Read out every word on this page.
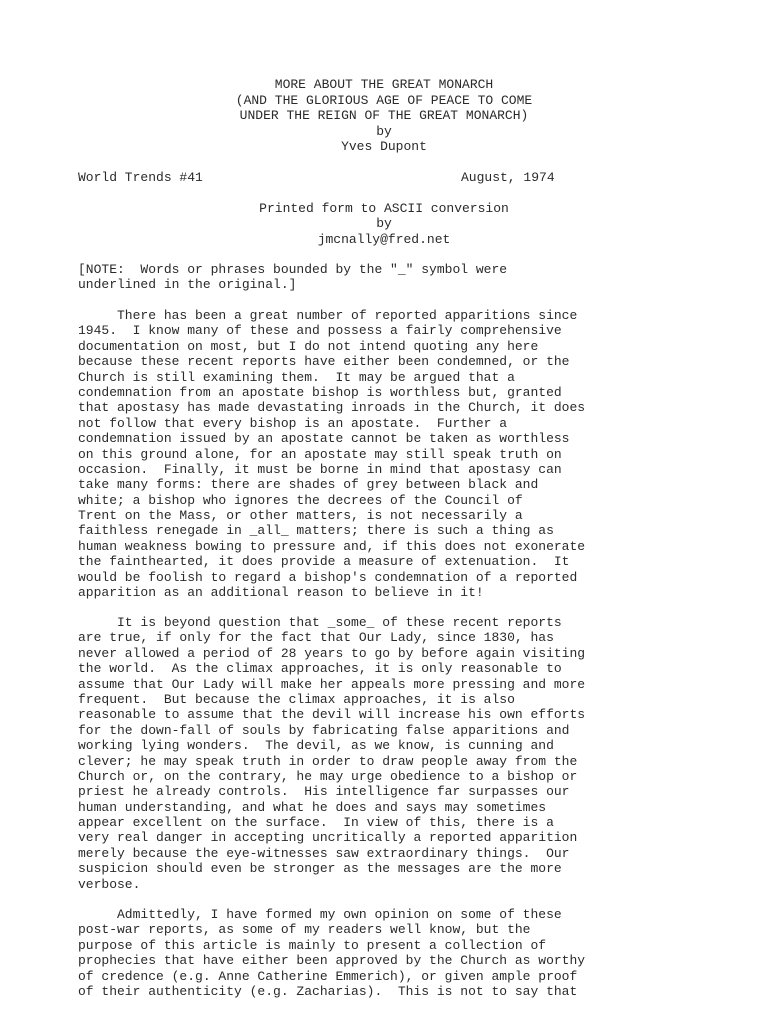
MORE ABOUT THE GREAT MONARCH
(AND THE GLORIOUS AGE OF PEACE TO COME
UNDER THE REIGN OF THE GREAT MONARCH)
by
Yves Dupont
World Trends #41	August, 1974
Printed form to ASCII conversion
by
jmcnally@fred.net
[NOTE:  Words or phrases bounded by the "_" symbol were
underlined in the original.]
There has been a great number of reported apparitions since
1945.  I know many of these and possess a fairly comprehensive
documentation on most, but I do not intend quoting any here
because these recent reports have either been condemned, or the
Church is still examining them.  It may be argued that a
condemnation from an apostate bishop is worthless but, granted
that apostasy has made devastating inroads in the Church, it does
not follow that every bishop is an apostate.  Further a
condemnation issued by an apostate cannot be taken as worthless
on this ground alone, for an apostate may still speak truth on
occasion.  Finally, it must be borne in mind that apostasy can
take many forms: there are shades of grey between black and
white; a bishop who ignores the decrees of the Council of
Trent on the Mass, or other matters, is not necessarily a
faithless renegade in _all_ matters; there is such a thing as
human weakness bowing to pressure and, if this does not exonerate
the fainthearted, it does provide a measure of extenuation.  It
would be foolish to regard a bishop's condemnation of a reported
apparition as an additional reason to believe in it!
It is beyond question that _some_ of these recent reports
are true, if only for the fact that Our Lady, since 1830, has
never allowed a period of 28 years to go by before again visiting
the world.  As the climax approaches, it is only reasonable to
assume that Our Lady will make her appeals more pressing and more
frequent.  But because the climax approaches, it is also
reasonable to assume that the devil will increase his own efforts
for the down-fall of souls by fabricating false apparitions and
working lying wonders.  The devil, as we know, is cunning and
clever; he may speak truth in order to draw people away from the
Church or, on the contrary, he may urge obedience to a bishop or
priest he already controls.  His intelligence far surpasses our
human understanding, and what he does and says may sometimes
appear excellent on the surface.  In view of this, there is a
very real danger in accepting uncritically a reported apparition
merely because the eye-witnesses saw extraordinary things.  Our
suspicion should even be stronger as the messages are the more
verbose.
Admittedly, I have formed my own opinion on some of these
post-war reports, as some of my readers well know, but the
purpose of this article is mainly to present a collection of
prophecies that have either been approved by the Church as worthy
of credence (e.g. Anne Catherine Emmerich), or given ample proof
of their authenticity (e.g. Zacharias).  This is not to say that
